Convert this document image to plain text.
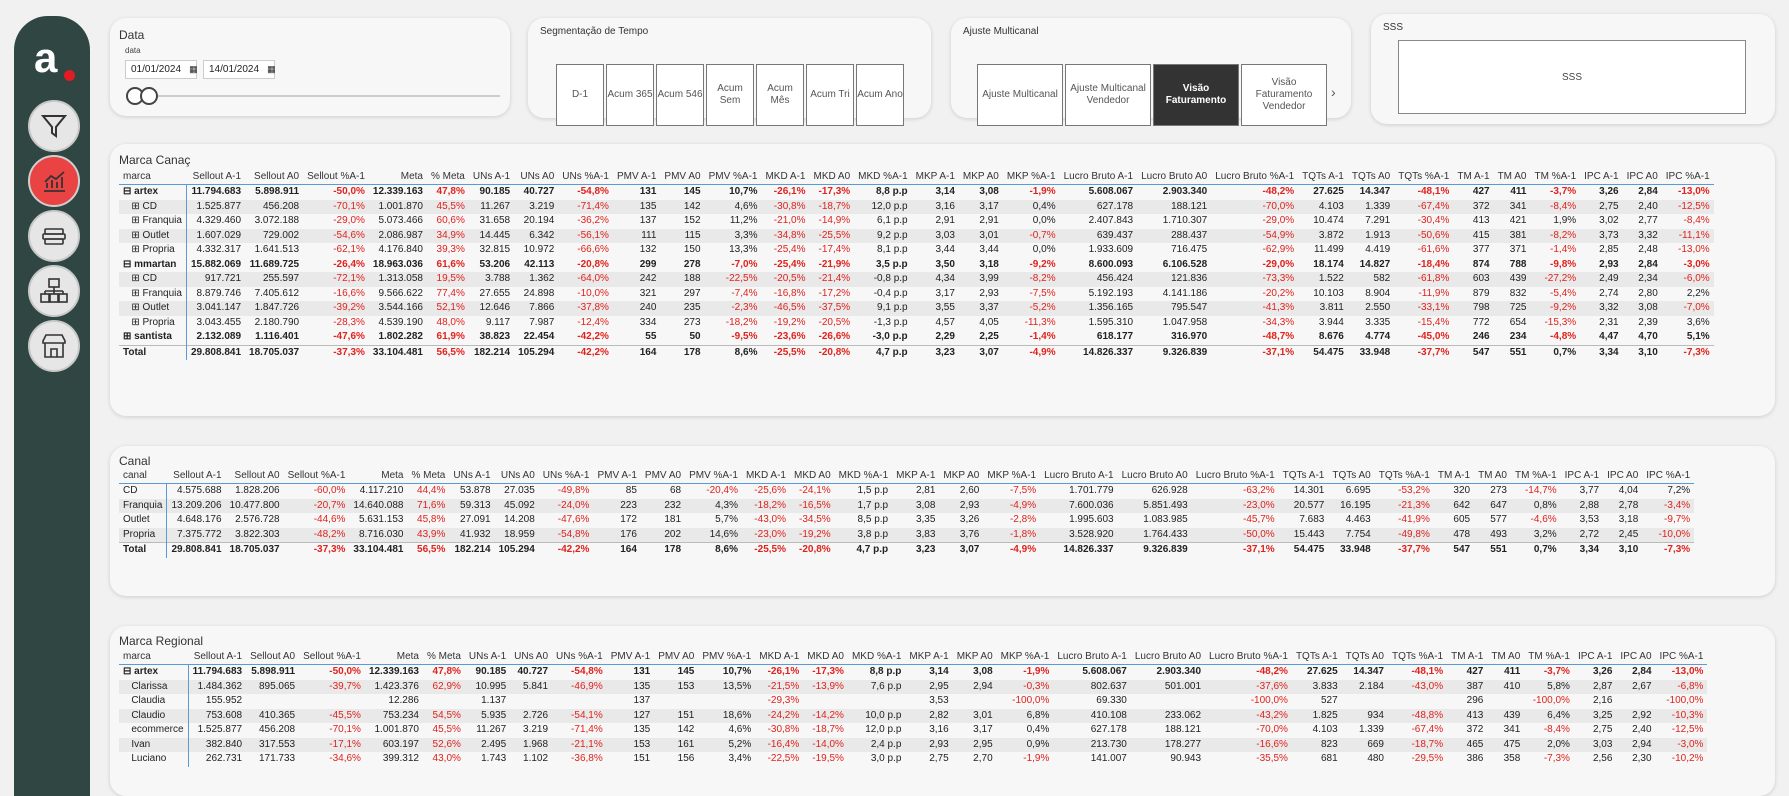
a	Data
data
01/01/2024 ▦ 14/01/2024 ▦
Segmentação de Tempo
D-1	Acum 365 Acum 546
Acum Sem
Acum Mês
Acum Tri Acum Ano
Ajuste Multicanal
Ajuste Multicanal
Ajuste Multicanal Vendedor
Visão Faturamento
Visão Faturamento Vendedor
›
SSS
SSS
Marca Canaç
marca	Sellout A-1	Sellout A0	Sellout %A-1	Meta	% Meta	UNs A-1	UNs A0	UNs %A-1	PMV A-1	PMV A0	PMV %A-1	MKD A-1	MKD A0	MKD %A-1	MKP A-1	MKP A0	MKP %A-1	Lucro Bruto A-1	Lucro Bruto A0	Lucro Bruto %A-1	TQTs A-1	TQTs A0	TQTs %A-1	TM A-1	TM A0	TM %A-1	IPC A-1	IPC A0	IPC %A-1
⊟ artex	11.794.683	5.898.911	-50,0%	12.339.163	47,8%	90.185	40.727	-54,8%	131	145	10,7%	-26,1%	-17,3%	8,8 p.p	3,14	3,08	-1,9%	5.608.067	2.903.340	-48,2%	27.625	14.347	-48,1%	427	411	-3,7%	3,26	2,84	-13,0%
⊞ CD	1.525.877	456.208	-70,1%	1.001.870	45,5%	11.267	3.219	-71,4%	135	142	4,6%	-30,8%	-18,7%	12,0 p.p	3,16	3,17	0,4%	627.178	188.121	-70,0%	4.103	1.339	-67,4%	372	341	-8,4%	2,75	2,40	-12,5%
⊞ Franquia	4.329.460	3.072.188	-29,0%	5.073.466	60,6%	31.658	20.194	-36,2%	137	152	11,2%	-21,0%	-14,9%	6,1 p.p	2,91	2,91	0,0%	2.407.843	1.710.307	-29,0%	10.474	7.291	-30,4%	413	421	1,9%	3,02	2,77	-8,4%
⊞ Outlet	1.607.029	729.002	-54,6%	2.086.987	34,9%	14.445	6.342	-56,1%	111	115	3,3%	-34,8%	-25,5%	9,2 p.p	3,03	3,01	-0,7%	639.437	288.437	-54,9%	3.872	1.913	-50,6%	415	381	-8,2%	3,73	3,32	-11,1%
⊞ Propria	4.332.317	1.641.513	-62,1%	4.176.840	39,3%	32.815	10.972	-66,6%	132	150	13,3%	-25,4%	-17,4%	8,1 p.p	3,44	3,44	0,0%	1.933.609	716.475	-62,9%	11.499	4.419	-61,6%	377	371	-1,4%	2,85	2,48	-13,0%
⊟ mmartan	15.882.069	11.689.725	-26,4%	18.963.036	61,6%	53.206	42.113	-20,8%	299	278	-7,0%	-25,4%	-21,9%	3,5 p.p	3,50	3,18	-9,2%	8.600.093	6.106.528	-29,0%	18.174	14.827	-18,4%	874	788	-9,8%	2,93	2,84	-3,0%
⊞ CD	917.721	255.597	-72,1%	1.313.058	19,5%	3.788	1.362	-64,0%	242	188	-22,5%	-20,5%	-21,4%	-0,8 p.p	4,34	3,99	-8,2%	456.424	121.836	-73,3%	1.522	582	-61,8%	603	439	-27,2%	2,49	2,34	-6,0%
⊞ Franquia	8.879.746	7.405.612	-16,6%	9.566.622	77,4%	27.655	24.898	-10,0%	321	297	-7,4%	-16,8%	-17,2%	-0,4 p.p	3,17	2,93	-7,5%	5.192.193	4.141.186	-20,2%	10.103	8.904	-11,9%	879	832	-5,4%	2,74	2,80	2,2%
⊞ Outlet	3.041.147	1.847.726	-39,2%	3.544.166	52,1%	12.646	7.866	-37,8%	240	235	-2,3%	-46,5%	-37,5%	9,1 p.p	3,55	3,37	-5,2%	1.356.165	795.547	-41,3%	3.811	2.550	-33,1%	798	725	-9,2%	3,32	3,08	-7,0%
⊞ Propria	3.043.455	2.180.790	-28,3%	4.539.190	48,0%	9.117	7.987	-12,4%	334	273	-18,2%	-19,2%	-20,5%	-1,3 p.p	4,57	4,05	-11,3%	1.595.310	1.047.958	-34,3%	3.944	3.335	-15,4%	772	654	-15,3%	2,31	2,39	3,6%
⊞ santista	2.132.089	1.116.401	-47,6%	1.802.282	61,9%	38.823	22.454	-42,2%	55	50	-9,5%	-23,6%	-26,6%	-3,0 p.p	2,29	2,25	-1,4%	618.177	316.970	-48,7%	8.676	4.774	-45,0%	246	234	-4,8%	4,47	4,70	5,1%
Total	29.808.841	18.705.037	-37,3%	33.104.481	56,5%	182.214	105.294	-42,2%	164	178	8,6%	-25,5%	-20,8%	4,7 p.p	3,23	3,07	-4,9%	14.826.337	9.326.839	-37,1%	54.475	33.948	-37,7%	547	551	0,7%	3,34	3,10	-7,3%
Canal
canal	Sellout A-1	Sellout A0	Sellout %A-1	Meta	% Meta	UNs A-1	UNs A0	UNs %A-1	PMV A-1	PMV A0	PMV %A-1	MKD A-1	MKD A0	MKD %A-1	MKP A-1	MKP A0	MKP %A-1	Lucro Bruto A-1	Lucro Bruto A0	Lucro Bruto %A-1	TQTs A-1	TQTs A0	TQTs %A-1	TM A-1	TM A0	TM %A-1	IPC A-1	IPC A0	IPC %A-1
CD	4.575.688	1.828.206	-60,0%	4.117.210	44,4%	53.878	27.035	-49,8%	85	68	-20,4%	-25,6%	-24,1%	1,5 p.p	2,81	2,60	-7,5%	1.701.779	626.928	-63,2%	14.301	6.695	-53,2%	320	273	-14,7%	3,77	4,04	7,2%
Franquia	13.209.206	10.477.800	-20,7%	14.640.088	71,6%	59.313	45.092	-24,0%	223	232	4,3%	-18,2%	-16,5%	1,7 p.p	3,08	2,93	-4,9%	7.600.036	5.851.493	-23,0%	20.577	16.195	-21,3%	642	647	0,8%	2,88	2,78	-3,4%
Outlet	4.648.176	2.576.728	-44,6%	5.631.153	45,8%	27.091	14.208	-47,6%	172	181	5,7%	-43,0%	-34,5%	8,5 p.p	3,35	3,26	-2,8%	1.995.603	1.083.985	-45,7%	7.683	4.463	-41,9%	605	577	-4,6%	3,53	3,18	-9,7%
Propria	7.375.772	3.822.303	-48,2%	8.716.030	43,9%	41.932	18.959	-54,8%	176	202	14,6%	-23,0%	-19,2%	3,8 p.p	3,83	3,76	-1,8%	3.528.920	1.764.433	-50,0%	15.443	7.754	-49,8%	478	493	3,2%	2,72	2,45	-10,0%
Total	29.808.841	18.705.037	-37,3%	33.104.481	56,5%	182.214	105.294	-42,2%	164	178	8,6%	-25,5%	-20,8%	4,7 p.p	3,23	3,07	-4,9%	14.826.337	9.326.839	-37,1%	54.475	33.948	-37,7%	547	551	0,7%	3,34	3,10	-7,3%
Marca Regional
marca	Sellout A-1	Sellout A0	Sellout %A-1	Meta	% Meta	UNs A-1	UNs A0	UNs %A-1	PMV A-1	PMV A0	PMV %A-1	MKD A-1	MKD A0	MKD %A-1	MKP A-1	MKP A0	MKP %A-1	Lucro Bruto A-1	Lucro Bruto A0	Lucro Bruto %A-1	TQTs A-1	TQTs A0	TQTs %A-1	TM A-1	TM A0	TM %A-1	IPC A-1	IPC A0	IPC %A-1
⊟ artex	11.794.683	5.898.911	-50,0%	12.339.163	47,8%	90.185	40.727	-54,8%	131	145	10,7%	-26,1%	-17,3%	8,8 p.p	3,14	3,08	-1,9%	5.608.067	2.903.340	-48,2%	27.625	14.347	-48,1%	427	411	-3,7%	3,26	2,84	-13,0%
Clarissa	1.484.362	895.065	-39,7%	1.423.376	62,9%	10.995	5.841	-46,9%	135	153	13,5%	-21,5%	-13,9%	7,6 p.p	2,95	2,94	-0,3%	802.637	501.001	-37,6%	3.833	2.184	-43,0%	387	410	5,8%	2,87	2,67	-6,8%
Claudia	155.952			12.286		1.137			137			-29,3%			3,53		-100,0%	69.330		-100,0%	527			296		-100,0%	2,16		-100,0%
Claudio	753.608	410.365	-45,5%	753.234	54,5%	5.935	2.726	-54,1%	127	151	18,6%	-24,2%	-14,2%	10,0 p.p	2,82	3,01	6,8%	410.108	233.062	-43,2%	1.825	934	-48,8%	413	439	6,4%	3,25	2,92	-10,3%
ecommerce	1.525.877	456.208	-70,1%	1.001.870	45,5%	11.267	3.219	-71,4%	135	142	4,6%	-30,8%	-18,7%	12,0 p.p	3,16	3,17	0,4%	627.178	188.121	-70,0%	4.103	1.339	-67,4%	372	341	-8,4%	2,75	2,40	-12,5%
Ivan	382.840	317.553	-17,1%	603.197	52,6%	2.495	1.968	-21,1%	153	161	5,2%	-16,4%	-14,0%	2,4 p.p	2,93	2,95	0,9%	213.730	178.277	-16,6%	823	669	-18,7%	465	475	2,0%	3,03	2,94	-3,0%
Luciano	262.731	171.733	-34,6%	399.312	43,0%	1.743	1.102	-36,8%	151	156	3,4%	-22,5%	-19,5%	3,0 p.p	2,75	2,70	-1,9%	141.007	90.943	-35,5%	681	480	-29,5%	386	358	-7,3%	2,56	2,30	-10,2%
